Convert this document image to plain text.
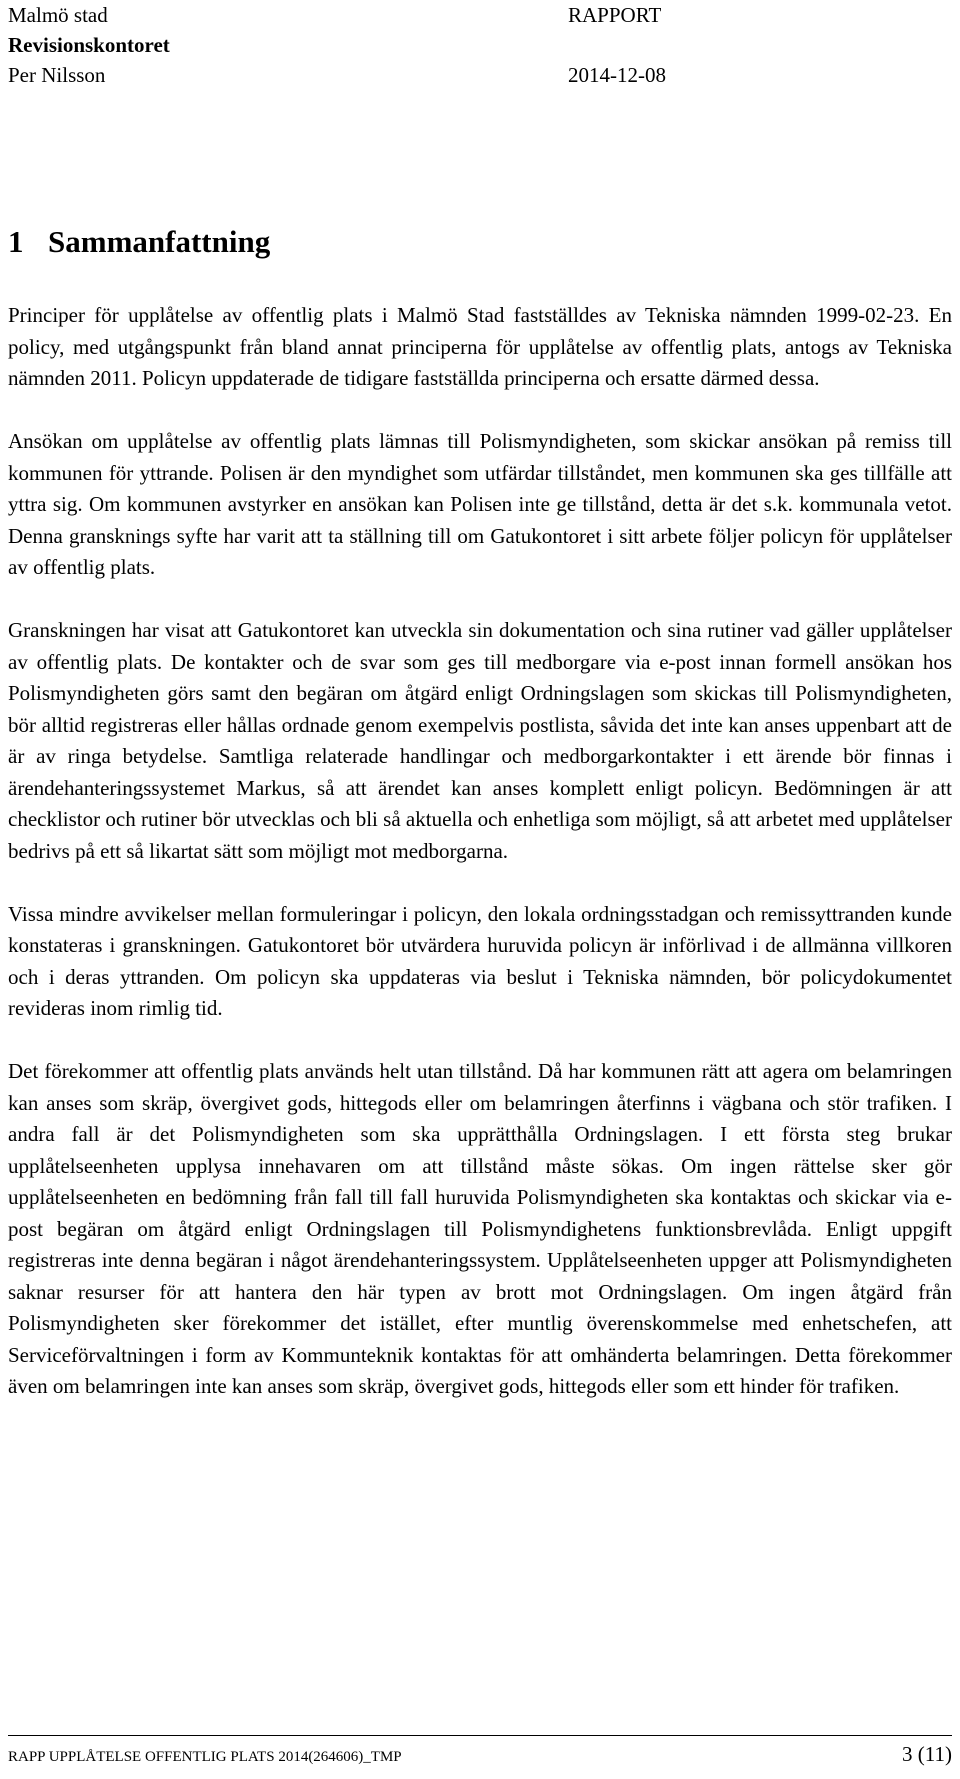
Malmö stad	RAPPORT
Revisionskontoret
Per Nilsson	2014-12-08
1 Sammanfattning

Principer för upplåtelse av offentlig plats i Malmö Stad fastställdes av Tekniska nämnden 1999-02-23. En policy, med utgångspunkt från bland annat principerna för upplåtelse av offentlig plats, antogs av Tekniska nämnden 2011. Policyn uppdaterade de tidigare fastställda principerna och ersatte därmed dessa.

Ansökan om upplåtelse av offentlig plats lämnas till Polismyndigheten, som skickar ansökan på remiss till kommunen för yttrande. Polisen är den myndighet som utfärdar tillståndet, men kommunen ska ges tillfälle att yttra sig. Om kommunen avstyrker en ansökan kan Polisen inte ge tillstånd, detta är det s.k. kommunala vetot. Denna gransknings syfte har varit att ta ställning till om Gatukontoret i sitt arbete följer policyn för upplåtelser av offentlig plats.

Granskningen har visat att Gatukontoret kan utveckla sin dokumentation och sina rutiner vad gäller upplåtelser av offentlig plats. De kontakter och de svar som ges till medborgare via e-post innan formell ansökan hos Polismyndigheten görs samt den begäran om åtgärd enligt Ordningslagen som skickas till Polismyndigheten, bör alltid registreras eller hållas ordnade genom exempelvis postlista, såvida det inte kan anses uppenbart att de är av ringa betydelse. Samtliga relaterade handlingar och medborgarkontakter i ett ärende bör finnas i ärendehanteringssystemet Markus, så att ärendet kan anses komplett enligt policyn. Bedömningen är att checklistor och rutiner bör utvecklas och bli så aktuella och enhetliga som möjligt, så att arbetet med upplåtelser bedrivs på ett så likartat sätt som möjligt mot medborgarna.

Vissa mindre avvikelser mellan formuleringar i policyn, den lokala ordningsstadgan och remissyttranden kunde konstateras i granskningen. Gatukontoret bör utvärdera huruvida policyn är införlivad i de allmänna villkoren och i deras yttranden. Om policyn ska uppdateras via beslut i Tekniska nämnden, bör policydokumentet revideras inom rimlig tid.

Det förekommer att offentlig plats används helt utan tillstånd. Då har kommunen rätt att agera om belamringen kan anses som skräp, övergivet gods, hittegods eller om belamringen återfinns i vägbana och stör trafiken. I andra fall är det Polismyndigheten som ska upprätthålla Ordningslagen. I ett första steg brukar upplåtelseenheten upplysa innehavaren om att tillstånd måste sökas. Om ingen rättelse sker gör upplåtelseenheten en bedömning från fall till fall huruvida Polismyndigheten ska kontaktas och skickar via e-post begäran om åtgärd enligt Ordningslagen till Polismyndighetens funktionsbrevlåda. Enligt uppgift registreras inte denna begäran i något ärendehanteringssystem. Upplåtelseenheten uppger att Polismyndigheten saknar resurser för att hantera den här typen av brott mot Ordningslagen. Om ingen åtgärd från Polismyndigheten sker förekommer det istället, efter muntlig överenskommelse med enhetschefen, att Serviceförvaltningen i form av Kommunteknik kontaktas för att omhänderta belamringen. Detta förekommer även om belamringen inte kan anses som skräp, övergivet gods, hittegods eller som ett hinder för trafiken.

RAPP UPPLÅTELSE OFFENTLIG PLATS 2014(264606)_TMP	3 (11)
